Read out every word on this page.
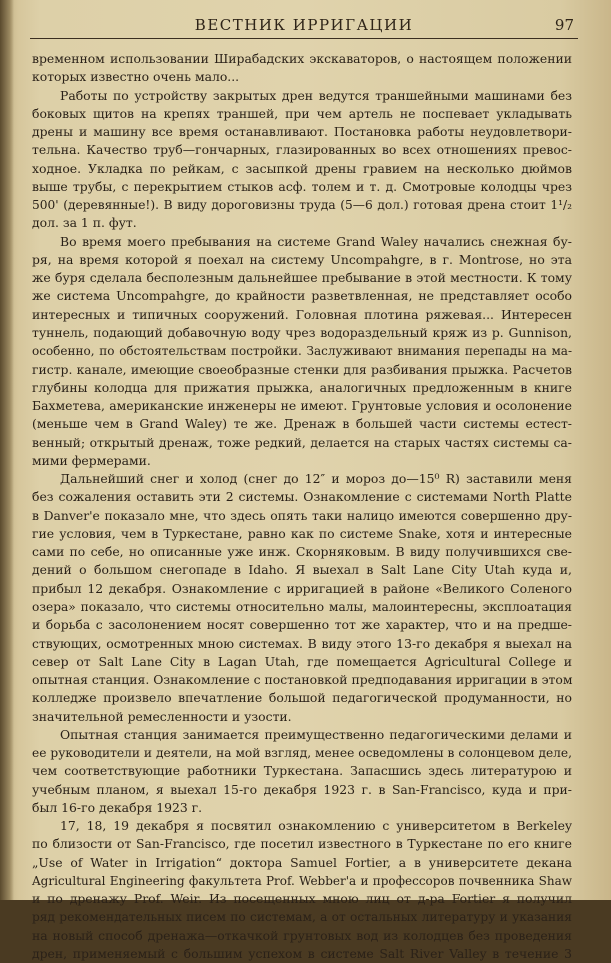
ВЕСТНИК ИРРИГАЦИИ	97
временном использовании Ширабадских экскаваторов, о настоящем положении
которых известно очень мало...
Работы по устройству закрытых дрен ведутся траншейными машинами без
боковых щитов на крепях траншей, при чем артель не поспевает укладывать
дрены и машину все время останавливают. Постановка работы неудовлетвори-
тельна. Качество труб—гончарных, глазированных во всех отношениях превос-
ходное. Укладка по рейкам, с засыпкой дрены гравием на несколько дюймов
выше трубы, с перекрытием стыков асф. толем и т. д. Смотровые колодцы чрез
500' (деревянные!). В виду дороговизны труда (5—6 дол.) готовая дрена стоит 1¹/₂
дол. за 1 п. фут.
Во время моего пребывания на системе Grand Waley начались снежная бу-
ря, на время которой я поехал на систему Uncompahgre, в г. Montrose, но эта
же буря сделала бесполезным дальнейшее пребывание в этой местности. К тому
же система Uncompahgre, до крайности разветвленная, не представляет особо
интересных и типичных сооружений. Головная плотина ряжевая... Интересен
туннель, подающий добавочную воду чрез водораздельный кряж из р. Gunnison,
особенно, по обстоятельствам постройки. Заслуживают внимания перепады на ма-
гистр. канале, имеющие своеобразные стенки для разбивания прыжка. Расчетов
глубины колодца для прижатия прыжка, аналогичных предложенным в книге
Бахметева, американские инженеры не имеют. Грунтовые условия и осолонение
(меньше чем в Grand Waley) те же. Дренаж в большей части системы естест-
венный; открытый дренаж, тоже редкий, делается на старых частях системы са-
мими фермерами.
Дальнейший снег и холод (снег до 12″ и мороз до—15⁰ R) заставили меня
без сожаления оставить эти 2 системы. Ознакомление с системами North Platte
в Danver'е показало мне, что здесь опять таки налицо имеются совершенно дру-
гие условия, чем в Туркестане, равно как по системе Snake, хотя и интересные
сами по себе, но описанные уже инж. Скорняковым. В виду получившихся све-
дений о большом снегопаде в Idaho. Я выехал в Salt Lane City Utah куда и,
прибыл 12 декабря. Ознакомление с ирригацией в районе «Великого Соленого
озера» показало, что системы относительно малы, малоинтересны, эксплоатация
и борьба с засолонением носят совершенно тот же характер, что и на предше-
ствующих, осмотренных мною системах. В виду этого 13-го декабря я выехал на
север от Salt Lane City в Lagan Utah, где помещается Agricultural College и
опытная станция. Ознакомление с постановкой предподавания ирригации в этом
колледже произвело впечатление большой педагогической продуманности, но
значительной ремесленности и узости.
Опытная станция занимается преимущественно педагогическими делами и
ее руководители и деятели, на мой взгляд, менее осведомлены в солонцевом деле,
чем соответствующие работники Туркестана. Запасшись здесь литературою и
учебным планом, я выехал 15-го декабря 1923 г. в San-Francisco, куда и при-
был 16-го декабря 1923 г.
17, 18, 19 декабря я посвятил ознакомлению с университетом в Berkeley
по близости от San-Francisco, где посетил известного в Туркестане по его книге
„Use of Water in Irrigation“ доктора Samuel Fortier, а в университете декана
Agricultural Engineering факультета Prof. Webber'а и профессоров почвенника Shaw
и по дренажу Prof. Weir. Из посещенных мною лиц от д-ра Fortier я получил
ряд рекомендательных писем по системам, а от остальных литературу и указания
на новый способ дренажа—откачкой грунтовых вод из колодцев без проведения
дрен, применяемый с большим успехом в системе Salt River Valley в течение 3
